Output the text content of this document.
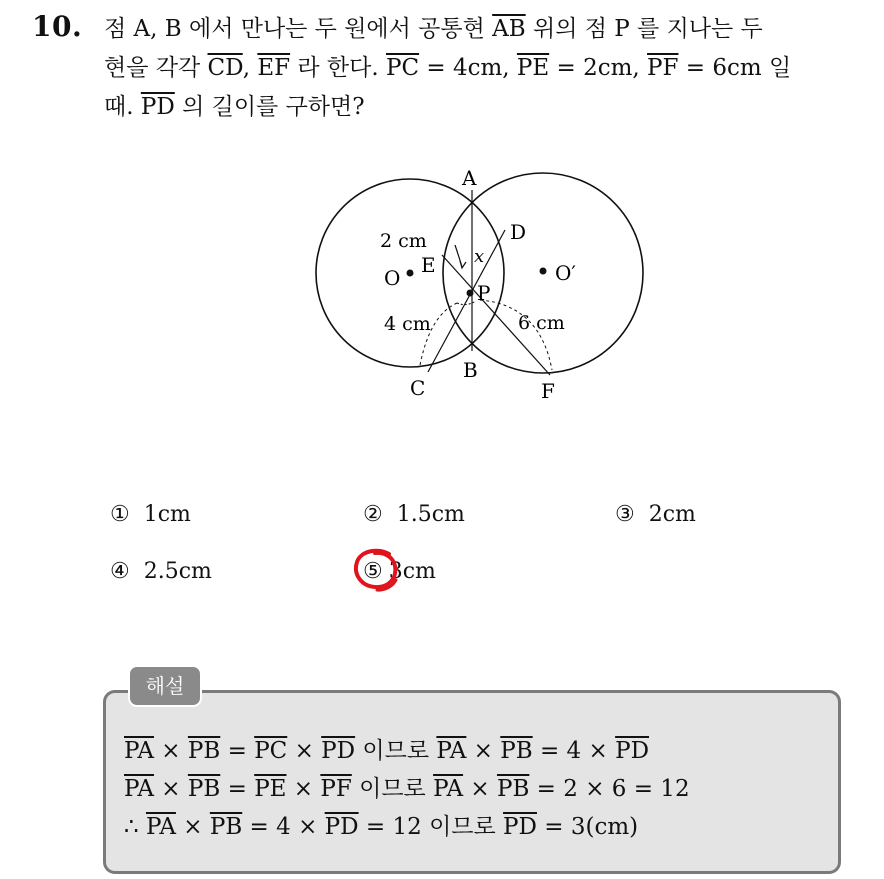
10. 점 A, B 에서 만나는 두 원에서 공통현 $\overline{AB}$ 위의 점 P 를 지나는 두
현을 각각 $\overline{CD}$, $\overline{EF}$ 라 한다. $\overline{PC} = 4cm$, $\overline{PE} = 2cm$, $\overline{PF} = 6cm$ 일
때. $\overline{PD}$ 의 길이를 구하면?
A
B
C
D
E
F
P
O	O′
x
2 cm
4 cm	6 cm
① 1cm	② 1.5cm	③ 2cm
④ 2.5cm	⑤ 3cm
해설
$\overline{PA} \times \overline{PB} = \overline{PC} \times \overline{PD}$ 이므로 $\overline{PA} \times \overline{PB} = 4 \times \overline{PD}$
$\overline{PA} \times \overline{PB} = \overline{PE} \times \overline{PF}$ 이므로 $\overline{PA} \times \overline{PB} = 2 \times 6 = 12$
∴ $\overline{PA} \times \overline{PB} = 4 \times \overline{PD} = 12$ 이므로 $\overline{PD} = 3(cm)$
